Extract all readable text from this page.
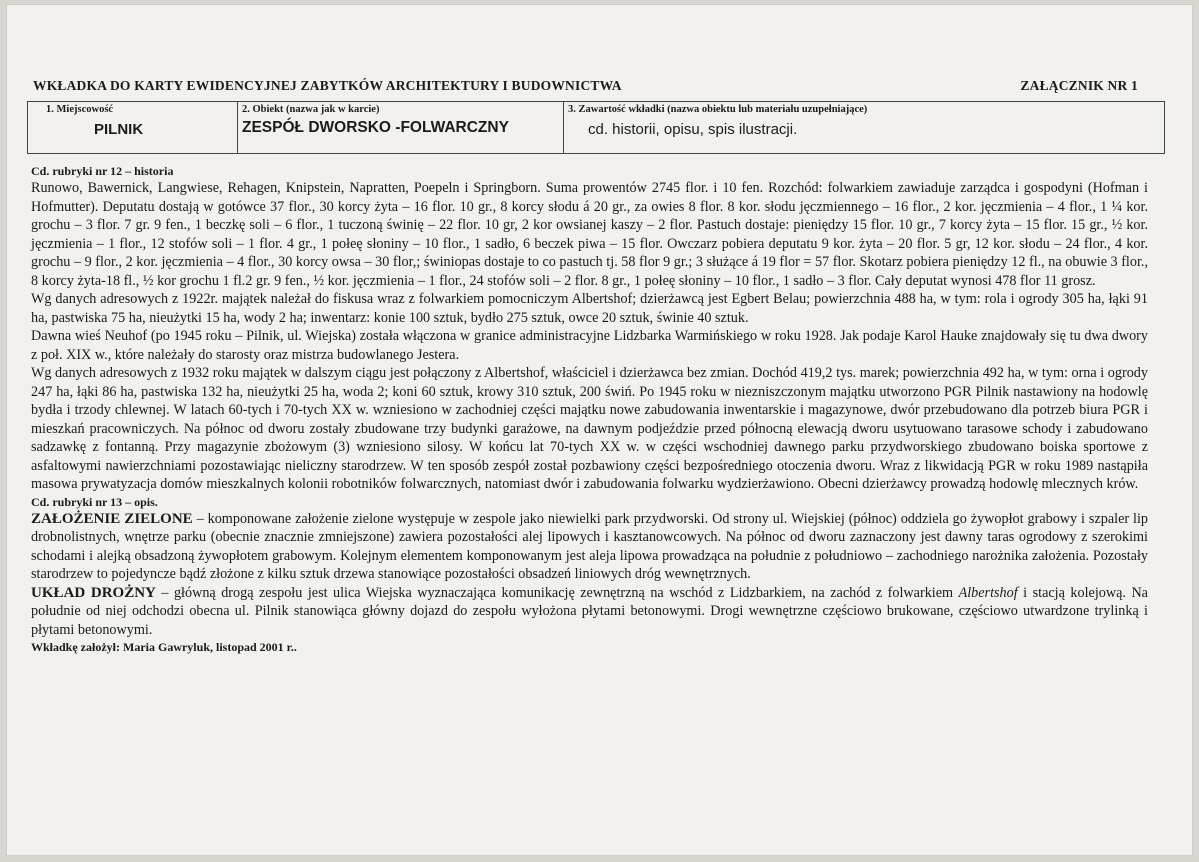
WKŁADKA DO KARTY EWIDENCYJNEJ ZABYTKÓW ARCHITEKTURY I BUDOWNICTWA	ZAŁĄCZNIK NR 1
1. Miejscowość
PILNIK

2. Obiekt (nazwa jak w karcie)
ZESPÓŁ DWORSKO -FOLWARCZNY

3. Zawartość wkładki (nazwa obiektu lub materiału uzupełniające)
cd. historii, opisu, spis ilustracji.

Cd. rubryki nr 12 – historia

Runowo, Bawernick, Langwiese, Rehagen, Knipstein, Napratten, Poepeln i Springborn. Suma prowentów 2745 flor. i 10 fen. Rozchód: folwarkiem zawiaduje zarządca i gospodyni (Hofman i Hofmutter). Deputatu dostają w gotówce 37 flor., 30 korcy żyta – 16 flor. 10 gr., 8 korcy słodu á 20 gr., za owies 8 flor. 8 kor. słodu jęczmiennego – 16 flor., 2 kor. jęczmienia – 4 flor., 1 ¼ kor. grochu – 3 flor. 7 gr. 9 fen., 1 beczkę soli – 6 flor., 1 tuczoną świnię – 22 flor. 10 gr, 2 kor owsianej kaszy – 2 flor. Pastuch dostaje: pieniędzy 15 flor. 10 gr., 7 korcy żyta – 15 flor. 15 gr., ½ kor. jęczmienia – 1 flor., 12 stofów soli – 1 flor. 4 gr., 1 połeę słoniny – 10 flor., 1 sadło, 6 beczek piwa – 15 flor. Owczarz pobiera deputatu 9 kor. żyta – 20 flor. 5 gr, 12 kor. słodu – 24 flor., 4 kor. grochu – 9 flor., 2 kor. jęczmienia – 4 flor., 30 korcy owsa – 30 flor,; świniopas dostaje to co pastuch tj. 58 flor 9 gr.; 3 służące á 19 flor = 57 flor. Skotarz pobiera pieniędzy 12 fl., na obuwie 3 flor., 8 korcy żyta-18 fl., ½ kor grochu 1 fl.2 gr. 9 fen., ½ kor. jęczmienia – 1 flor., 24 stofów soli – 2 flor. 8 gr., 1 połeę słoniny – 10 flor., 1 sadło – 3 flor. Cały deputat wynosi 478 flor 11 grosz.

Wg danych adresowych z 1922r. majątek należał do fiskusa wraz z folwarkiem pomocniczym Albertshof; dzierżawcą jest Egbert Belau; powierzchnia 488 ha, w tym: rola i ogrody 305 ha, łąki 91 ha, pastwiska 75 ha, nieużytki 15 ha, wody 2 ha; inwentarz: konie 100 sztuk, bydło 275 sztuk, owce 20 sztuk, świnie 40 sztuk.

Dawna wieś Neuhof (po 1945 roku – Pilnik, ul. Wiejska) została włączona w granice administracyjne Lidzbarka Warmińskiego w roku 1928. Jak podaje Karol Hauke znajdowały się tu dwa dwory z poł. XIX w., które należały do starosty oraz mistrza budowlanego Jestera.

Wg danych adresowych z 1932 roku majątek w dalszym ciągu jest połączony z Albertshof, właściciel i dzierżawca bez zmian. Dochód 419,2 tys. marek; powierzchnia 492 ha, w tym: orna i ogrody 247 ha, łąki 86 ha, pastwiska 132 ha, nieużytki 25 ha, woda 2; koni 60 sztuk, krowy 310 sztuk, 200 świń. Po 1945 roku w niezniszczonym majątku utworzono PGR Pilnik nastawiony na hodowlę bydła i trzody chlewnej. W latach 60-tych i 70-tych XX w. wzniesiono w zachodniej części majątku nowe zabudowania inwentarskie i magazynowe, dwór przebudowano dla potrzeb biura PGR i mieszkań pracowniczych. Na północ od dworu zostały zbudowane trzy budynki garażowe, na dawnym podjeździe przed północną elewacją dworu usytuowano tarasowe schody i zabudowano sadzawkę z fontanną. Przy magazynie zbożowym (3) wzniesiono silosy. W końcu lat 70-tych XX w. w części wschodniej dawnego parku przydworskiego zbudowano boiska sportowe z asfaltowymi nawierzchniami pozostawiając nieliczny starodrzew. W ten sposób zespół został pozbawiony części bezpośredniego otoczenia dworu. Wraz z likwidacją PGR w roku 1989 nastąpiła masowa prywatyzacja domów mieszkalnych kolonii robotników folwarcznych, natomiast dwór i zabudowania folwarku wydzierżawiono. Obecni dzierżawcy prowadzą hodowlę mlecznych krów.

Cd. rubryki nr 13 – opis.

ZAŁOŻENIE ZIELONE – komponowane założenie zielone występuje w zespole jako niewielki park przydworski. Od strony ul. Wiejskiej (północ) oddziela go żywopłot grabowy i szpaler lip drobnolistnych, wnętrze parku (obecnie znacznie zmniejszone) zawiera pozostałości alej lipowych i kasztanowcowych. Na północ od dworu zaznaczony jest dawny taras ogrodowy z szerokimi schodami i alejką obsadzoną żywopłotem grabowym. Kolejnym elementem komponowanym jest aleja lipowa prowadząca na południe z południowo – zachodniego narożnika założenia. Pozostały starodrzew to pojedyncze bądź złożone z kilku sztuk drzewa stanowiące pozostałości obsadzeń liniowych dróg wewnętrznych.

UKŁAD DROŻNY – główną drogą zespołu jest ulica Wiejska wyznaczająca komunikację zewnętrzną na wschód z Lidzbarkiem, na zachód z folwarkiem Albertshof i stacją kolejową. Na południe od niej odchodzi obecna ul. Pilnik stanowiąca główny dojazd do zespołu wyłożona płytami betonowymi. Drogi wewnętrzne częściowo brukowane, częściowo utwardzone trylinką i płytami betonowymi.

Wkładkę założył: Maria Gawryluk, listopad 2001 r..
